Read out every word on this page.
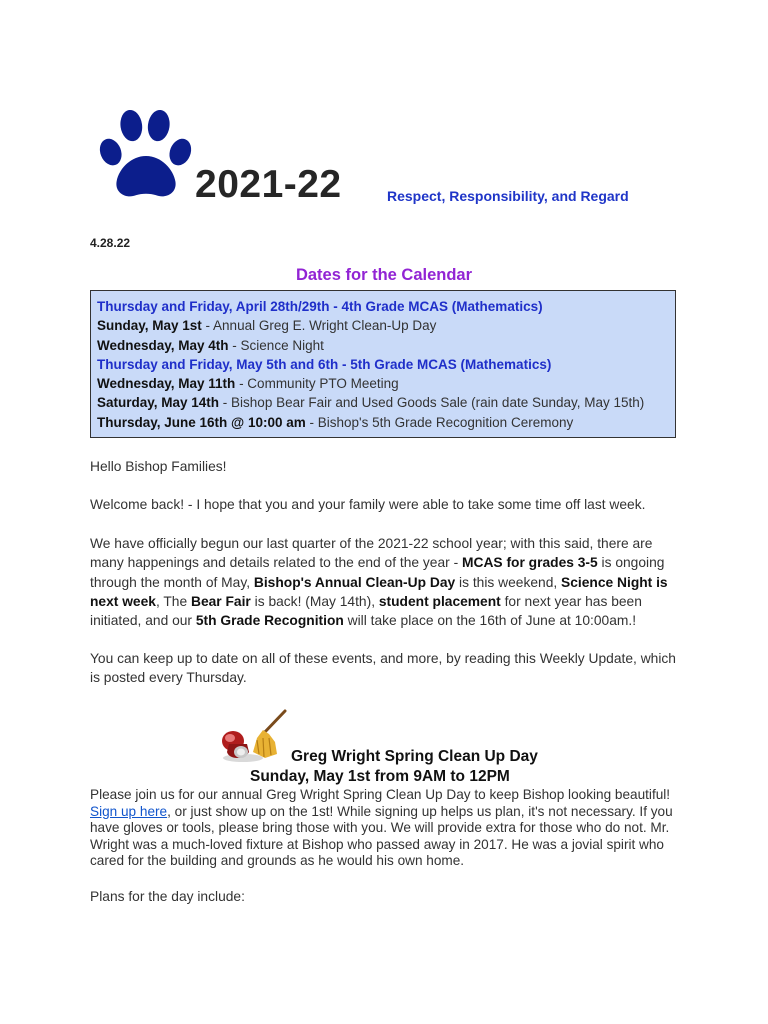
2021-22	Respect, Responsibility, and Regard
4.28.22
Dates for the Calendar
Thursday and Friday, April 28th/29th - 4th Grade MCAS (Mathematics)
Sunday, May 1st - Annual Greg E. Wright Clean-Up Day
Wednesday, May 4th - Science Night
Thursday and Friday, May 5th and 6th - 5th Grade MCAS (Mathematics)
Wednesday, May 11th - Community PTO Meeting
Saturday, May 14th - Bishop Bear Fair and Used Goods Sale (rain date Sunday, May 15th)
Thursday, June 16th @ 10:00 am - Bishop's 5th Grade Recognition Ceremony
Hello Bishop Families!
Welcome back! - I hope that you and your family were able to take some time off last week.
We have officially begun our last quarter of the 2021-22 school year; with this said, there are many happenings and details related to the end of the year - MCAS for grades 3-5 is ongoing through the month of May, Bishop's Annual Clean-Up Day is this weekend, Science Night is next week, The Bear Fair is back! (May 14th), student placement for next year has been initiated, and our 5th Grade Recognition will take place on the 16th of June at 10:00am.!
You can keep up to date on all of these events, and more, by reading this Weekly Update, which is posted every Thursday.
Greg Wright Spring Clean Up Day
Sunday, May 1st from 9AM to 12PM
Please join us for our annual Greg Wright Spring Clean Up Day to keep Bishop looking beautiful! Sign up here, or just show up on the 1st! While signing up helps us plan, it's not necessary. If you have gloves or tools, please bring those with you. We will provide extra for those who do not. Mr. Wright was a much-loved fixture at Bishop who passed away in 2017. He was a jovial spirit who cared for the building and grounds as he would his own home.
Plans for the day include:
